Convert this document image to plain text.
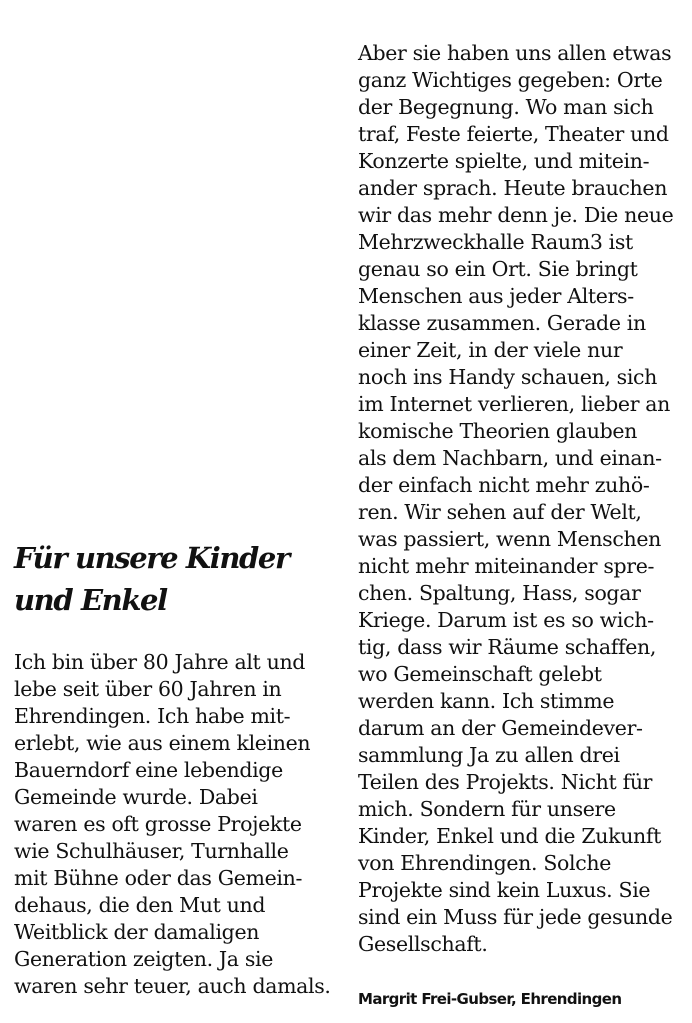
Für unsere Kinder
und Enkel
Ich bin über 80 Jahre alt und
lebe seit über 60 Jahren in
Ehrendingen. Ich habe mit-
erlebt, wie aus einem kleinen
Bauerndorf eine lebendige
Gemeinde wurde. Dabei
waren es oft grosse Projekte
wie Schulhäuser, Turnhalle
mit Bühne oder das Gemein-
dehaus, die den Mut und
Weitblick der damaligen
Generation zeigten. Ja sie
waren sehr teuer, auch damals.
Aber sie haben uns allen etwas
ganz Wichtiges gegeben: Orte
der Begegnung. Wo man sich
traf, Feste feierte, Theater und
Konzerte spielte, und mitein-
ander sprach. Heute brauchen
wir das mehr denn je. Die neue
Mehrzweckhalle Raum3 ist
genau so ein Ort. Sie bringt
Menschen aus jeder Alters-
klasse zusammen. Gerade in
einer Zeit, in der viele nur
noch ins Handy schauen, sich
im Internet verlieren, lieber an
komische Theorien glauben
als dem Nachbarn, und einan-
der einfach nicht mehr zuhö-
ren. Wir sehen auf der Welt,
was passiert, wenn Menschen
nicht mehr miteinander spre-
chen. Spaltung, Hass, sogar
Kriege. Darum ist es so wich-
tig, dass wir Räume schaffen,
wo Gemeinschaft gelebt
werden kann. Ich stimme
darum an der Gemeindever-
sammlung Ja zu allen drei
Teilen des Projekts. Nicht für
mich. Sondern für unsere
Kinder, Enkel und die Zukunft
von Ehrendingen. Solche
Projekte sind kein Luxus. Sie
sind ein Muss für jede gesunde
Gesellschaft.
Margrit Frei-Gubser, Ehrendingen
